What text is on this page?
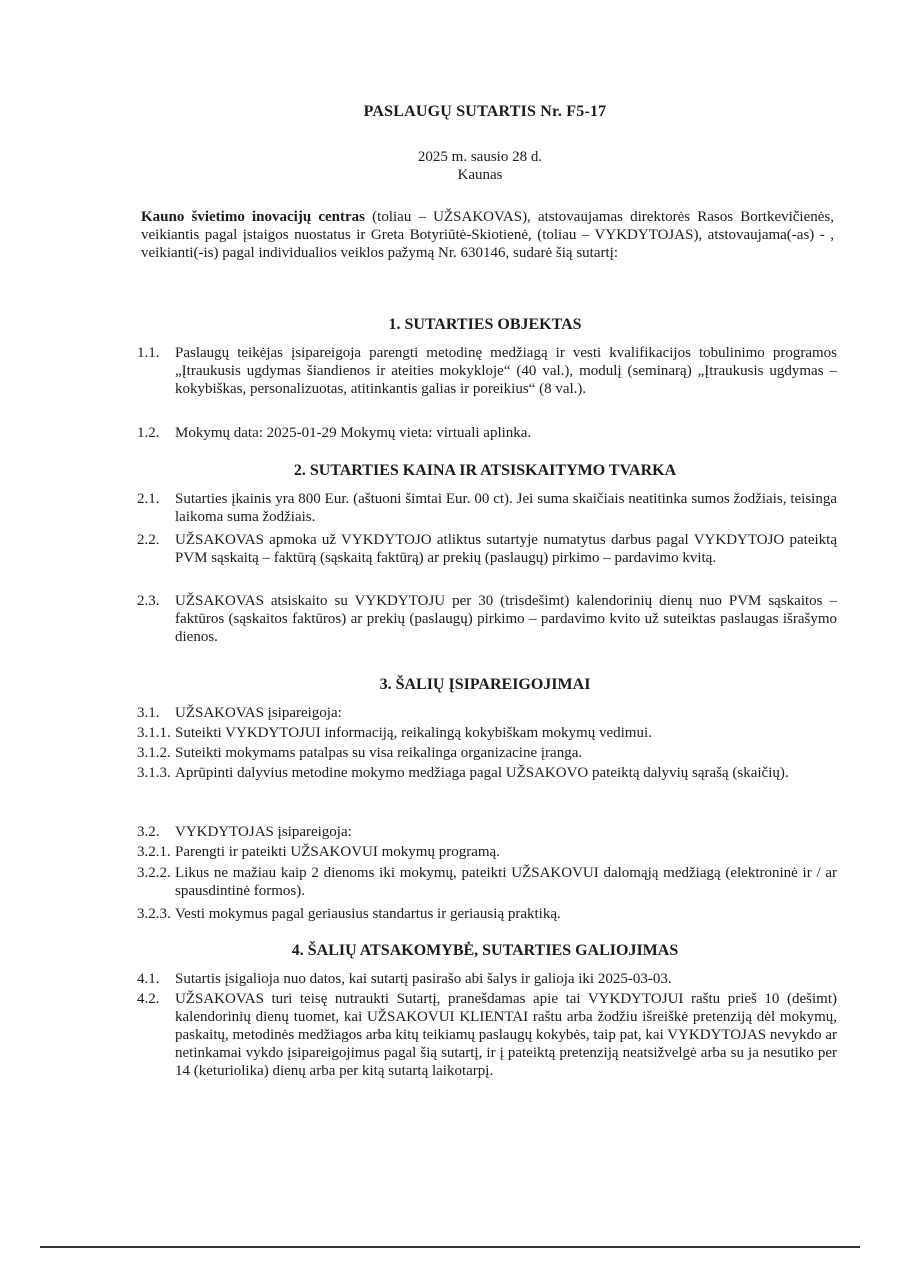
PASLAUGŲ SUTARTIS Nr. F5-17
2025 m. sausio 28 d.
Kaunas
Kauno švietimo inovacijų centras (toliau – UŽSAKOVAS), atstovaujamas direktorės Rasos Bortkevičienės, veikiantis pagal įstaigos nuostatus ir Greta Botyriūtė-Skiotienė, (toliau – VYKDYTOJAS), atstovaujama(-as) - , veikianti(-is) pagal individualios veiklos pažymą Nr. 630146, sudarė šią sutartį:
1. SUTARTIES OBJEKTAS
1.1.	Paslaugų teikėjas įsipareigoja parengti metodinę medžiagą ir vesti kvalifikacijos tobulinimo programos „Įtraukusis ugdymas šiandienos ir ateities mokykloje“ (40 val.), modulį (seminarą) „Įtraukusis ugdymas – kokybiškas, personalizuotas, atitinkantis galias ir poreikius“ (8 val.).
1.2.	Mokymų data: 2025-01-29 Mokymų vieta: virtuali aplinka.
2. SUTARTIES KAINA IR ATSISKAITYMO TVARKA
2.1.	Sutarties įkainis yra 800 Eur. (aštuoni šimtai Eur. 00 ct). Jei suma skaičiais neatitinka sumos žodžiais, teisinga laikoma suma žodžiais.
2.2.	UŽSAKOVAS apmoka už VYKDYTOJO atliktus sutartyje numatytus darbus pagal VYKDYTOJO pateiktą PVM sąskaitą – faktūrą (sąskaitą faktūrą) ar prekių (paslaugų) pirkimo – pardavimo kvitą.
2.3.	UŽSAKOVAS atsiskaito su VYKDYTOJU per 30 (trisdešimt) kalendorinių dienų nuo PVM sąskaitos – faktūros (sąskaitos faktūros) ar prekių (paslaugų) pirkimo – pardavimo kvito už suteiktas paslaugas išrašymo dienos.
3. ŠALIŲ ĮSIPAREIGOJIMAI
3.1.	UŽSAKOVAS įsipareigoja:
3.1.1. Suteikti VYKDYTOJUI informaciją, reikalingą kokybiškam mokymų vedimui.
3.1.2. Suteikti mokymams patalpas su visa reikalinga organizacine įranga.
3.1.3. Aprūpinti dalyvius metodine mokymo medžiaga pagal UŽSAKOVO pateiktą dalyvių sąrašą (skaičių).
3.2.	VYKDYTOJAS įsipareigoja:
3.2.1. Parengti ir pateikti UŽSAKOVUI mokymų programą.
3.2.2. Likus ne mažiau kaip 2 dienoms iki mokymų, pateikti UŽSAKOVUI dalomąją medžiagą (elektroninė ir / ar spausdintinė formos).
3.2.3. Vesti mokymus pagal geriausius standartus ir geriausią praktiką.
4. ŠALIŲ ATSAKOMYBĖ, SUTARTIES GALIOJIMAS
4.1.	Sutartis įsigalioja nuo datos, kai sutartį pasirašo abi šalys ir galioja iki 2025-03-03.
4.2.	UŽSAKOVAS turi teisę nutraukti Sutartį, pranešdamas apie tai VYKDYTOJUI raštu prieš 10 (dešimt) kalendorinių dienų tuomet, kai UŽSAKOVUI KLIENTAI raštu arba žodžiu išreiškė pretenziją dėl mokymų, paskaitų, metodinės medžiagos arba kitų teikiamų paslaugų kokybės, taip pat, kai VYKDYTOJAS nevykdo ar netinkamai vykdo įsipareigojimus pagal šią sutartį, ir į pateiktą pretenziją neatsižvelgė arba su ja nesutiko per 14 (keturiolika) dienų arba per kitą sutartą laikotarpį.
